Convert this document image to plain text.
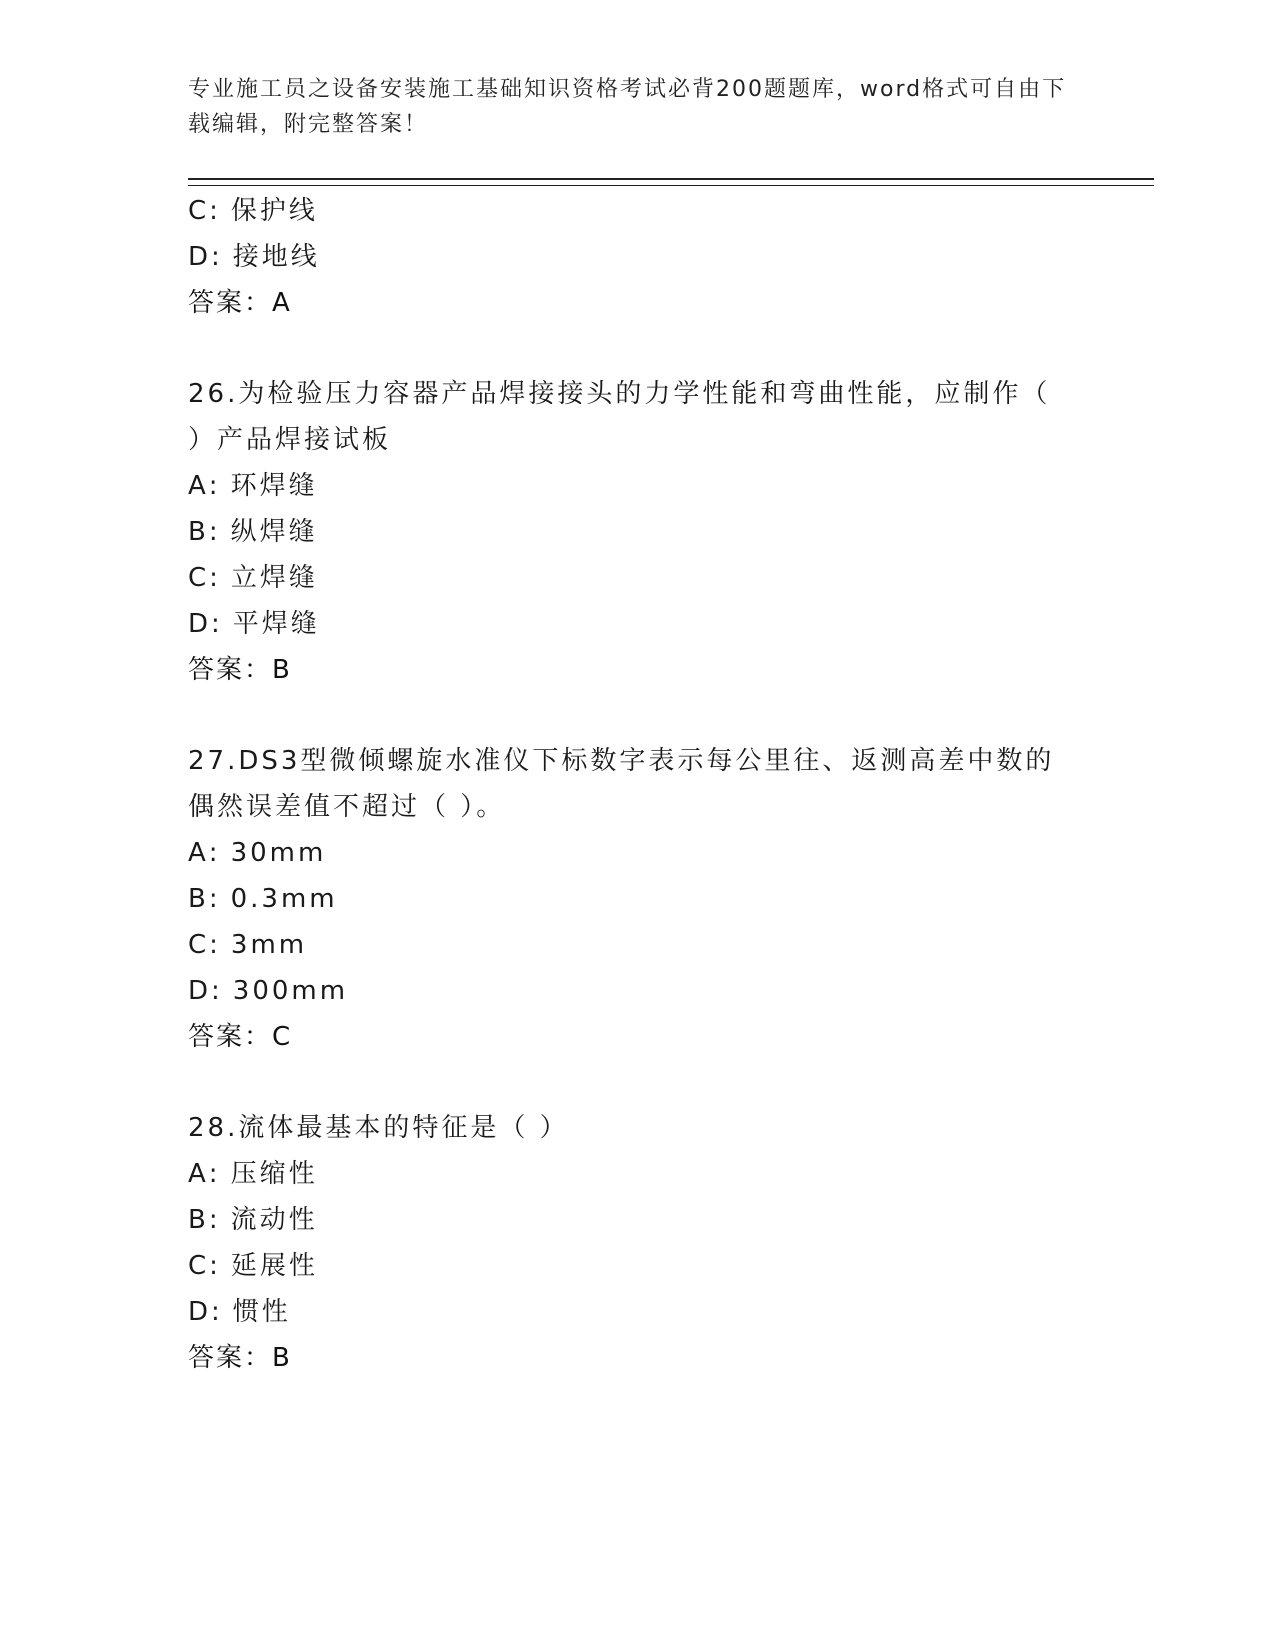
专业施工员之设备安装施工基础知识资格考试必背200题题库，word格式可自由下载编辑，附完整答案！
C: 保护线
D: 接地线
答案：A
26.为检验压力容器产品焊接接头的力学性能和弯曲性能，应制作（ ）产品焊接试板
A: 环焊缝
B: 纵焊缝
C: 立焊缝
D: 平焊缝
答案：B
27.DS3型微倾螺旋水准仪下标数字表示每公里往、返测高差中数的偶然误差值不超过（ ）。
A: 30mm
B: 0.3mm
C: 3mm
D: 300mm
答案：C
28.流体最基本的特征是（ ）
A: 压缩性
B: 流动性
C: 延展性
D: 惯性
答案：B
